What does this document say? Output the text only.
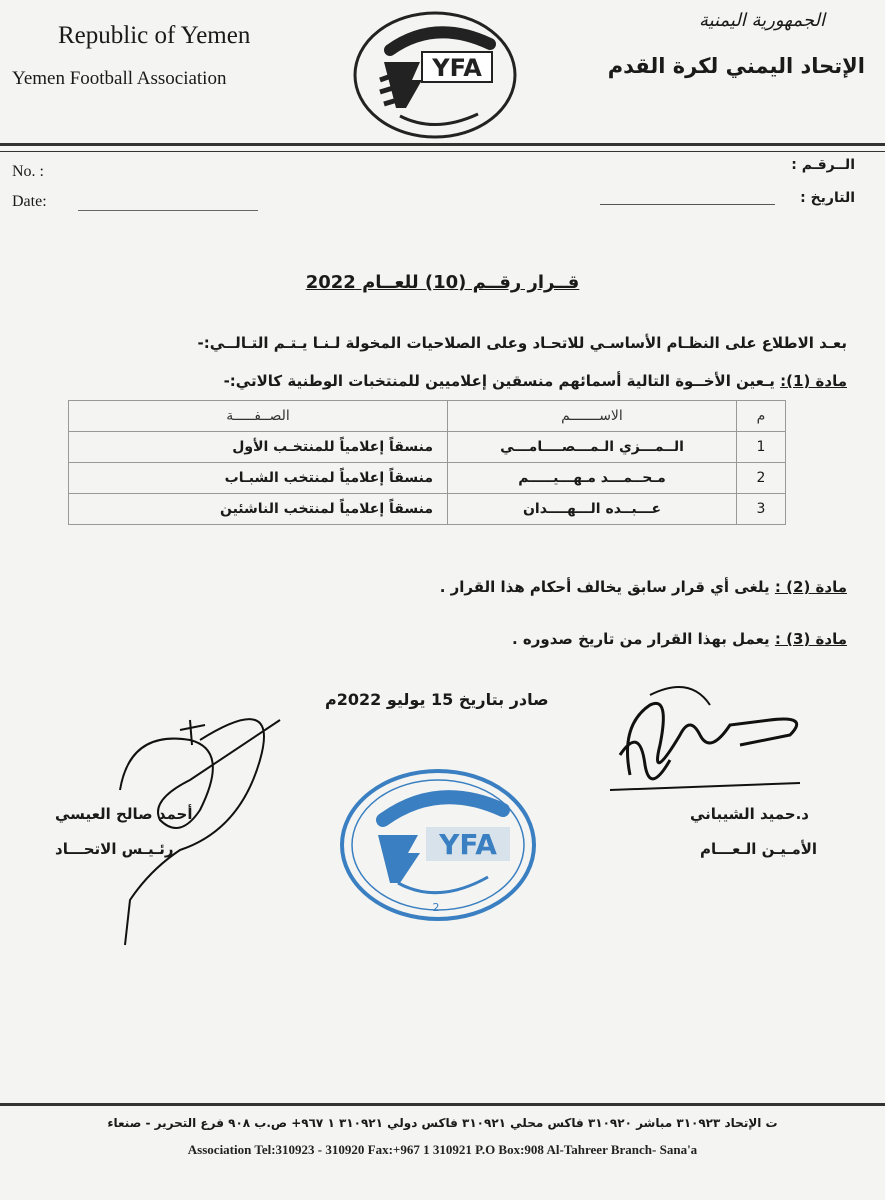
Republic of Yemen
Yemen Football Association
الجمهورية اليمنية
الإتحاد اليمني لكرة القدم
YFA
No. :
Date:
الــرقـم :
التاريخ :
قــرار رقــم (10) للعــام 2022
بعـد الاطلاع على النظـام الأساسـي للاتحـاد وعلى الصلاحيات المخولة لـنـا يـتـم التـالــي:-
مادة (1): يـعين الأخــوة التالية أسمائهم منسقين إعلاميين للمنتخبات الوطنية كالاتي:-
م	الاســـــــم	الصــفـــــة
1	الــمـــزي الـمـــصــــامـــي	منسقاً إعلامياً للمنتخـب الأول
2	مـحــمـــد مـهـــيـــــم	منسقاً إعلامياً لمنتخب الشبـاب
3	عـــبــده الـــهــــدان	منسقاً إعلامياً لمنتخب الناشئين
مادة (2) : يلغى أي قرار سابق يخالف أحكام هذا القرار .
مادة (3) : يعمل بهذا القرار من تاريخ صدوره .
صادر بتاريخ 15 يوليو 2022م
د.حميد الشيباني
الأمـيـن الـعـــام
أحمد صالح العيسي
رئـيـس الاتحـــاد	YFA
2
ت الإتحاد ٣١٠٩٢٣ مباشر ٣١٠٩٢٠ فاكس محلي ٣١٠٩٢١ فاكس دولي ٣١٠٩٢١ ١ ٩٦٧+ ص.ب ٩٠٨ فرع التحرير - صنعاء
Association Tel:310923 - 310920 Fax:+967 1 310921 P.O Box:908 Al-Tahreer Branch- Sana'a
